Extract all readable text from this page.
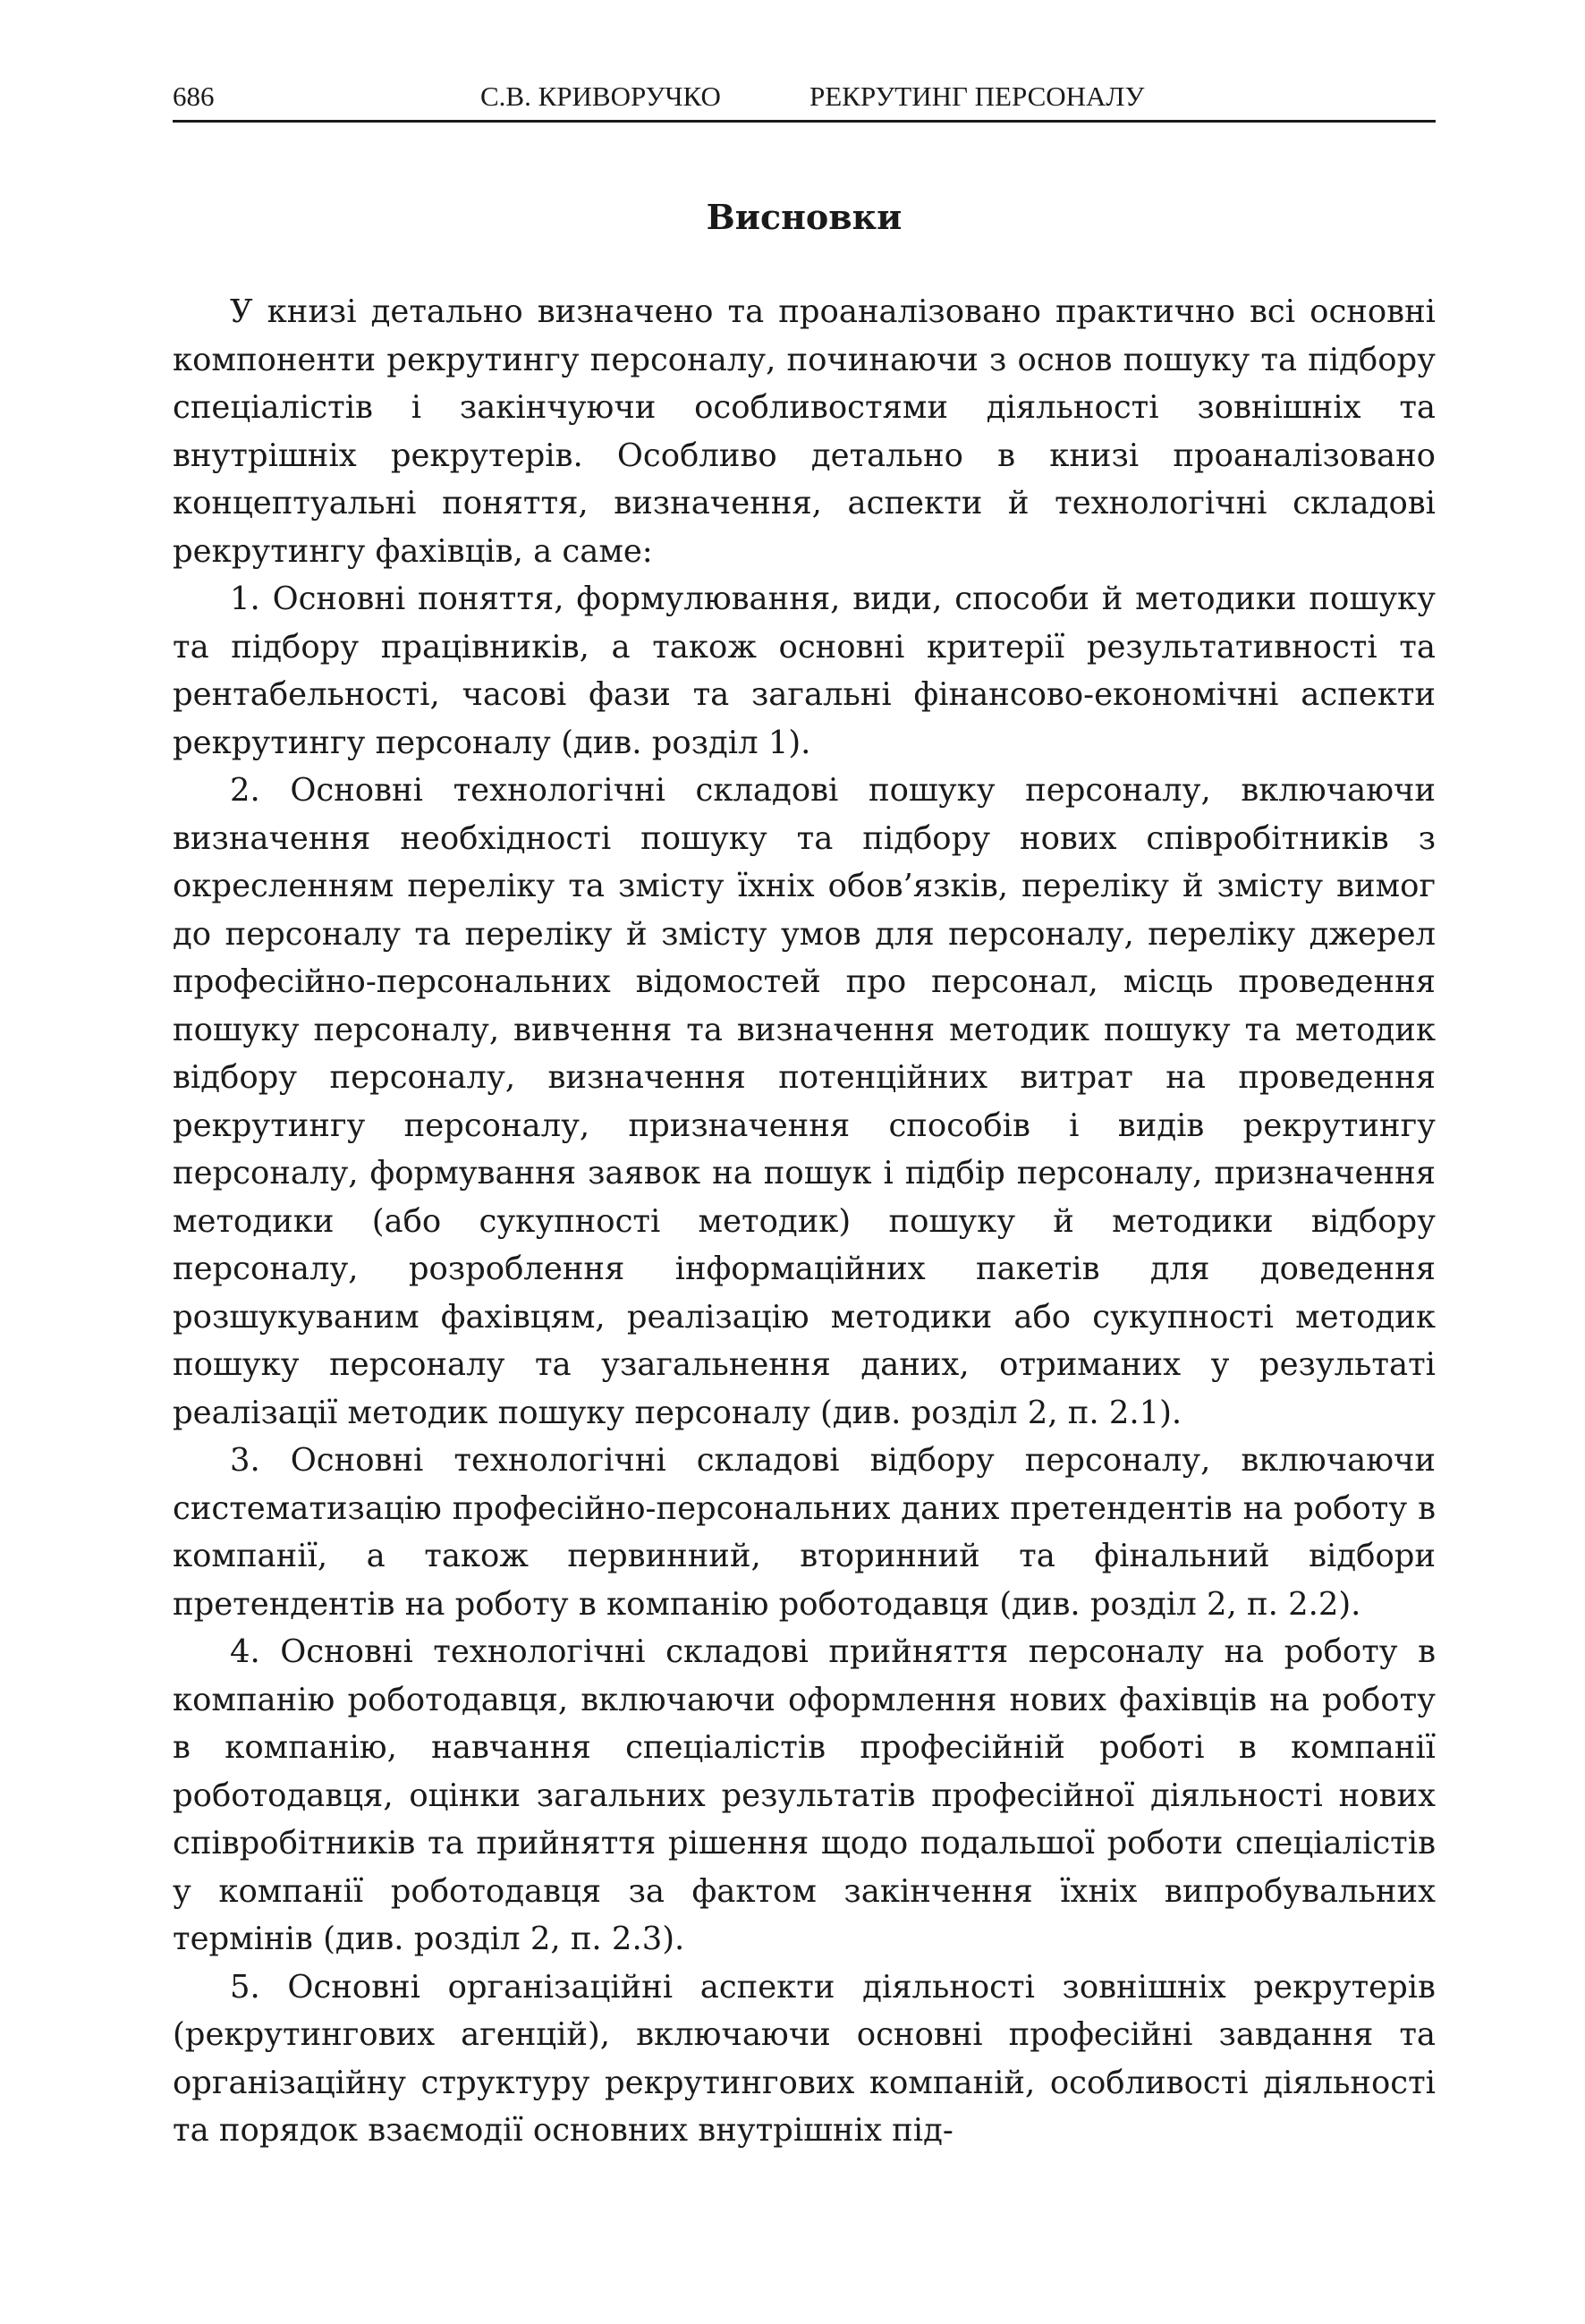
686	С.В. КРИВОРУЧКО	РЕКРУТИНГ ПЕРСОНАЛУ
Висновки

У книзі детально визначено та проаналізовано практично всі основні компоненти рекрутингу персоналу, починаючи з основ пошуку та підбору спеціалістів і закінчуючи особливостями діяльності зовнішніх та внутрішніх рекрутерів. Особливо детально в книзі проаналізовано концептуальні поняття, визначення, аспекти й технологічні складові рекрутингу фахівців, а саме:

1. Основні поняття, формулювання, види, способи й методики пошуку та підбору працівників, а також основні критерії результативності та рентабельності, часові фази та загальні фінансово-економічні аспекти рекрутингу персоналу (див. розділ 1).

2. Основні технологічні складові пошуку персоналу, включаючи визначення необхідності пошуку та підбору нових співробітників з окресленням переліку та змісту їхніх обов’язків, переліку й змісту вимог до персоналу та переліку й змісту умов для персоналу, переліку джерел професійно-персональних відомостей про персонал, місць проведення пошуку персоналу, вивчення та визначення методик пошуку та методик відбору персоналу, визначення потенційних витрат на проведення рекрутингу персоналу, призначення способів і видів рекрутингу персоналу, формування заявок на пошук і підбір персоналу, призначення методики (або сукупності методик) пошуку й методики відбору персоналу, розроблення інформаційних пакетів для доведення розшукуваним фахівцям, реалізацію методики або сукупності методик пошуку персоналу та узагальнення даних, отриманих у результаті реалізації методик пошуку персоналу (див. розділ 2, п. 2.1).

3. Основні технологічні складові відбору персоналу, включаючи систематизацію професійно-персональних даних претендентів на роботу в компанії, а також первинний, вторинний та фінальний відбори претендентів на роботу в компанію роботодавця (див. розділ 2, п. 2.2).

4. Основні технологічні складові прийняття персоналу на роботу в компанію роботодавця, включаючи оформлення нових фахівців на роботу в компанію, навчання спеціалістів професійній роботі в компанії роботодавця, оцінки загальних результатів професійної діяльності нових співробітників та прийняття рішення щодо подальшої роботи спеціалістів у компанії роботодавця за фактом закінчення їхніх випробувальних термінів (див. розділ 2, п. 2.3).

5. Основні організаційні аспекти діяльності зовнішніх рекрутерів (рекрутингових агенцій), включаючи основні професійні завдання та організаційну структуру рекрутингових компаній, особливості діяльності та порядок взаємодії основних внутрішніх під-
